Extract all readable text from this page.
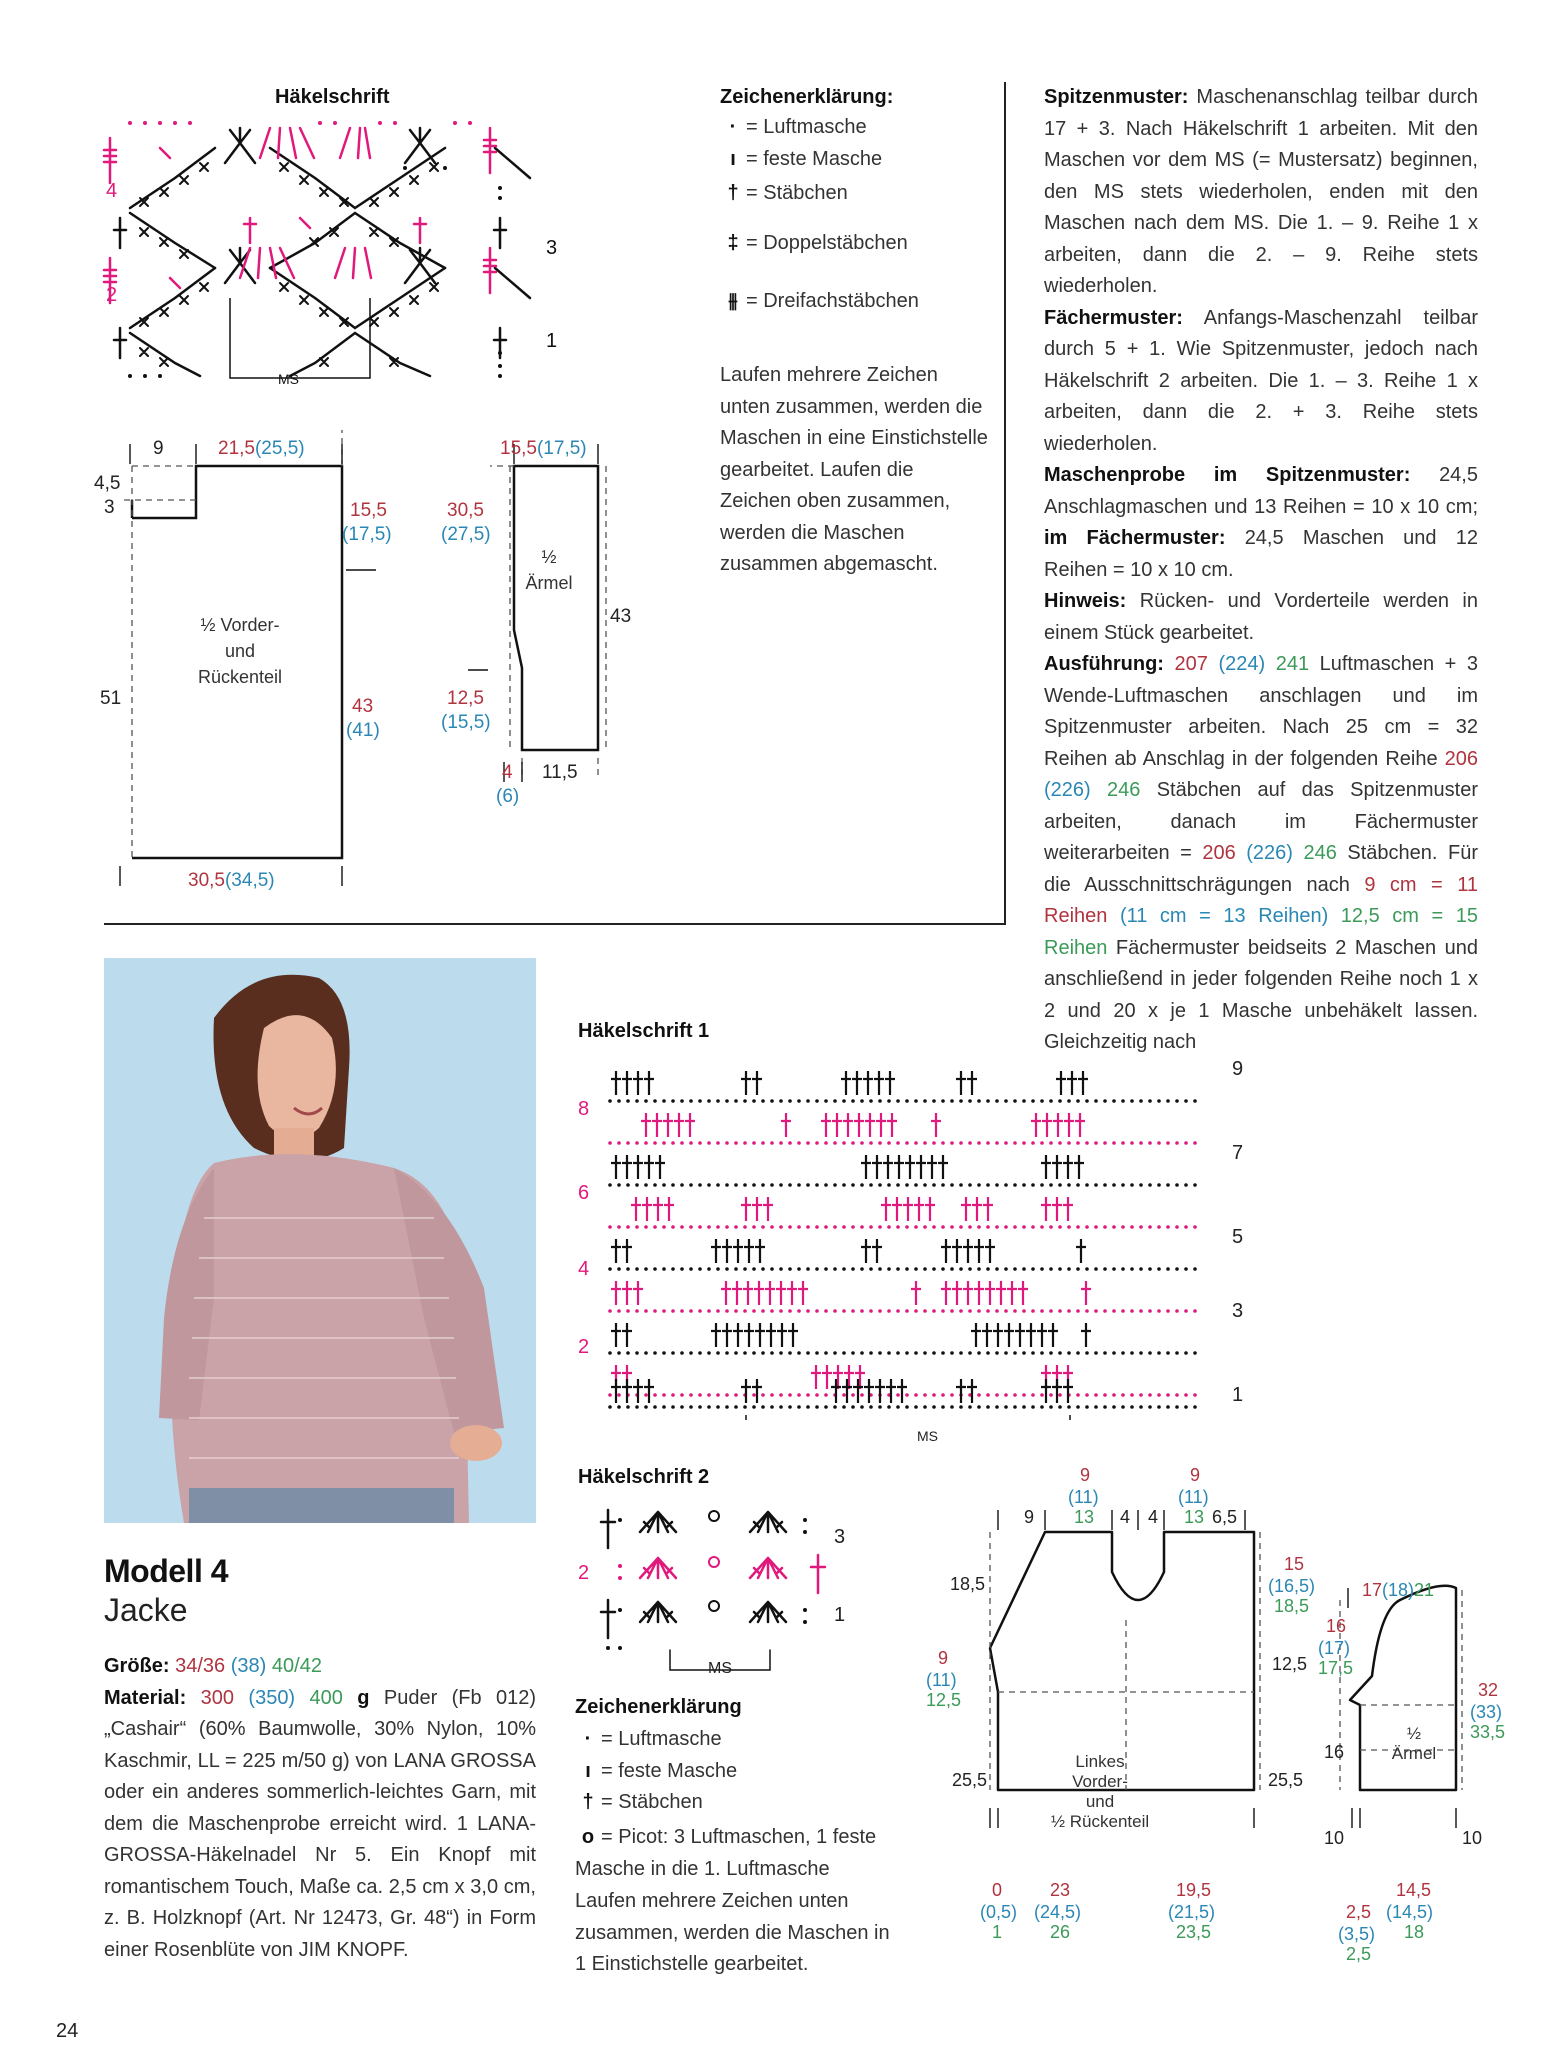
Häkelschrift
4
2
3
1
MS
Zeichenerklärung:
· = Luftmasche
ı = feste Masche
† = Stäbchen
‡ = Doppelstäbchen
⫵ = Dreifachstäbchen
Laufen mehrere Zeichen unten zusammen, werden die Maschen in eine Einstichstelle gearbeitet. Laufen die Zeichen oben zusammen, werden die Maschen zusammen abgemascht.
9	21,5(25,5)
4,5
3	15,5
(17,5)
½ Vorder-
und
Rückenteil
51	43
(41)
30,5(34,5)
15,5(17,5)
30,5
(27,5)
½
Ärmel
43
12,5
(15,5)
4
(6)
11,5
Spitzenmuster: Maschenanschlag teilbar durch 17 + 3. Nach Häkelschrift 1 arbeiten. Mit den Maschen vor dem MS (= Mustersatz) beginnen, den MS stets wiederholen, enden mit den Maschen nach dem MS. Die 1. – 9. Reihe 1 x arbeiten, dann die 2. – 9. Reihe stets wiederholen.
Fächermuster: Anfangs-Maschenzahl teilbar durch 5 + 1. Wie Spitzenmuster, jedoch nach Häkelschrift 2 arbeiten. Die 1. – 3. Reihe 1 x arbeiten, dann die 2. + 3. Reihe stets wiederholen.
Maschenprobe im Spitzenmuster: 24,5 Anschlagmaschen und 13 Reihen = 10 x 10 cm; im Fächermuster: 24,5 Maschen und 12 Reihen = 10 x 10 cm.
Hinweis: Rücken- und Vorderteile werden in einem Stück gearbeitet.
Ausführung: 207 (224) 241 Luftmaschen + 3 Wende-Luftmaschen anschlagen und im Spitzenmuster arbeiten. Nach 25 cm = 32 Reihen ab Anschlag in der folgenden Reihe 206 (226) 246 Stäbchen auf das Spitzenmuster arbeiten, danach im Fächermuster weiterarbeiten = 206 (226) 246 Stäbchen. Für die Ausschnittschrägungen nach 9 cm = 11 Reihen (11 cm = 13 Reihen) 12,5 cm = 15 Reihen Fächermuster beidseits 2 Maschen und anschließend in jeder folgenden Reihe noch 1 x 2 und 20 x je 1 Masche unbehäkelt lassen. Gleichzeitig nach
Modell 4
Jacke

Größe: 34/36 (38) 40/42
Material: 300 (350) 400 g Puder (Fb 012) „Cashair“ (60% Baumwolle, 30% Nylon, 10% Kaschmir, LL = 225 m/50 g) von LANA GROSSA oder ein anderes sommerlich-leichtes Garn, mit dem die Maschenprobe erreicht wird. 1 LANA-GROSSA-Häkelnadel Nr 5. Ein Knopf mit romantischem Touch, Maße ca. 2,5 cm x 3,0 cm, z. B. Holzknopf (Art. Nr 12473, Gr. 48“) in Form einer Rosenblüte von JIM KNOPF.

Häkelschrift 1
8
6
4
2
9
7
5
3
1
MS
Häkelschrift 2
2
3
1
MS
Zeichenerklärung
· = Luftmasche
ı = feste Masche
† = Stäbchen
o = Picot: 3 Luftmaschen, 1 feste Masche in die 1. Luftmasche
Laufen mehrere Zeichen unten zusammen, werden die Maschen in 1 Einstichstelle gearbeitet.
9
9
(11)
13 4 4
9
(11)
13 6,5
18,5
9
(11)
12,5
25,5
15
(16,5)
18,5
12,5
25,5
Linkes
Vorder-
und
½ Rückenteil
0
(0,5)
1
23
(24,5)
26
19,5
(21,5)
23,5
17(18)21
16
(17)
17,5
32
(33)
33,5
½
Ärmel
16
10	10
2,5
(3,5)
2,5
14,5
(14,5)
18
24
